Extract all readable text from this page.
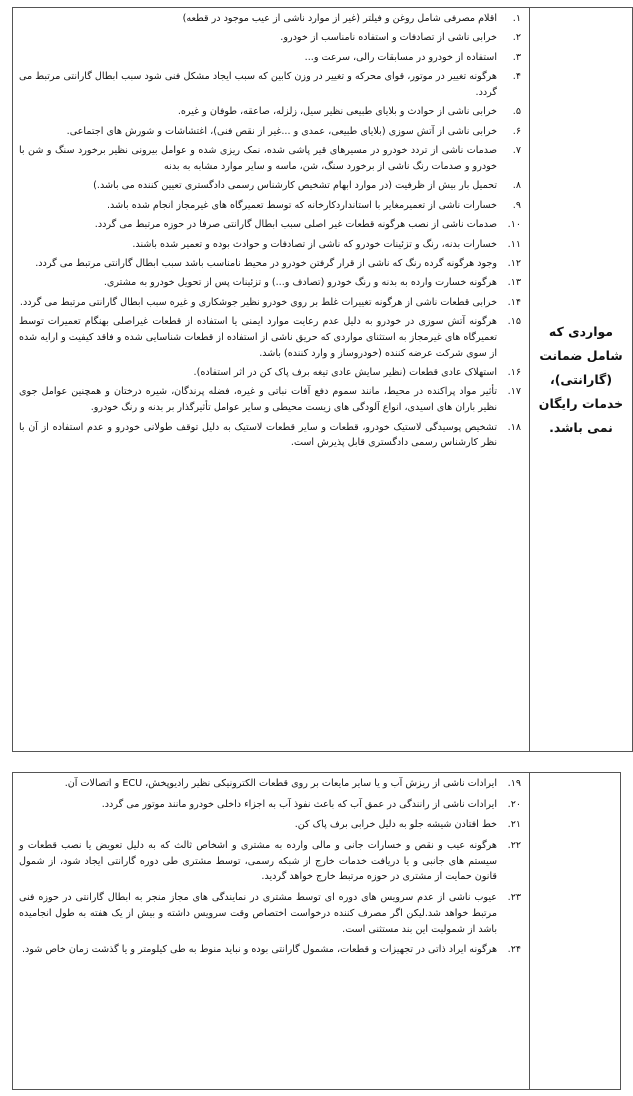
مواردی که شامل ضمانت (گارانتی)، خدمات رایگان نمی باشد.	
۱.
اقلام مصرفی شامل روغن و فیلتر (غیر از موارد ناشی از عیب موجود در قطعه)
۲.
خرابی ناشی از تصادفات و استفاده نامناسب از خودرو.
۳.
استفاده از خودرو در مسابقات رالی، سرعت و...
۴.
هرگونه تغییر در موتور، قوای محرکه و تغییر در وزن کابین که سبب ایجاد مشکل فنی شود سبب ابطال گارانتی مرتبط می گردد.
۵.
خرابی ناشی از حوادث و بلایای طبیعی نظیر سیل، زلزله، صاعقه، طوفان و غیره.
۶.
خرابی ناشی از آتش سوزی (بلایای طبیعی، عمدی و ...غیر از نقص فنی)، اغتشاشات و شورش های اجتماعی.
۷.
صدمات ناشی از تردد خودرو در مسیرهای قیر پاشی شده، نمک ریزی شده و عوامل بیرونی نظیر برخورد سنگ و شن با خودرو و صدمات رنگ ناشی از برخورد سنگ، شن، ماسه و سایر موارد مشابه به بدنه
۸.
تحمیل بار بیش از ظرفیت (در موارد ابهام تشخیص کارشناس رسمی دادگستری تعیین کننده می باشد.)
۹.
خسارات ناشی از تعمیرمغایر با استانداردکارخانه که توسط تعمیرگاه های غیرمجاز انجام شده باشد.
۱۰.
صدمات ناشی از نصب هرگونه قطعات غیر اصلی سبب ابطال گارانتی صرفا در حوزه مرتبط می گردد.
۱۱.
خسارات بدنه، رنگ و تزئینات خودرو که ناشی از تصادفات و حوادث بوده و تعمیر شده باشند.
۱۲.
وجود هرگونه گرده رنگ که ناشی از قرار گرفتن خودرو در محیط نامناسب باشد سبب ابطال گارانتی مرتبط می گردد.
۱۳.
هرگونه خسارت وارده به بدنه و رنگ خودرو (تصادف و...) و تزئینات پس از تحویل خودرو به مشتری.
۱۴.
خرابی قطعات ناشی از هرگونه تغییرات غلط بر روی خودرو نظیر جوشکاری و غیره سبب ابطال گارانتی مرتبط می گردد.
۱۵.
هرگونه آتش سوزی در خودرو به دلیل عدم رعایت موارد ایمنی یا استفاده از قطعات غیراصلی بهنگام تعمیرات توسط تعمیرگاه های غیرمجاز به استثنای مواردی که حریق ناشی از استفاده از قطعات شناسایی شده و فاقد کیفیت و ارایه شده از سوی شرکت عرضه کننده (خودروساز و وارد کننده) باشد.
۱۶.
استهلاک عادی قطعات (نظیر سایش عادی تیغه برف پاک کن در اثر استفاده).
۱۷.
تأثیر مواد پراکنده در محیط، مانند سموم دفع آفات نباتی و غیره، فضله پرندگان، شیره درختان و همچنین عوامل جوی نظیر باران های اسیدی، انواع آلودگی های زیست محیطی و سایر عوامل تأثیرگذار بر بدنه و رنگ خودرو.
۱۸.
تشخیص پوسیدگی لاستیک خودرو، قطعات و سایر قطعات لاستیک به دلیل توقف طولانی خودرو و عدم استفاده از آن با نظر کارشناس رسمی دادگستری قابل پذیرش است.

۱۹.
ایرادات ناشی از ریزش آب و یا سایر مایعات بر روی قطعات الکترونیکی نظیر رادیوپخش، ECU و اتصالات آن.
۲۰.
ایرادات ناشی از رانندگی در عمق آب که باعث نفوذ آب به اجزاء داخلی خودرو مانند موتور می گردد.
۲۱.
خط افتادن شیشه جلو به دلیل خرابی برف پاک کن.
۲۲.
هرگونه عیب و نقص و خسارات جانی و مالی وارده به مشتری و اشخاص ثالث که به دلیل تعویض یا نصب قطعات و سیستم های جانبی و یا دریافت خدمات خارج از شبکه رسمی، توسط مشتری طی دوره گارانتی ایجاد شود، از شمول قانون حمایت از مشتری در حوزه مرتبط خارج خواهد گردید.
۲۳.
عیوب ناشی از عدم سرویس های دوره ای توسط مشتری در نمایندگی های مجاز منجر به ابطال گارانتی در حوزه فنی مرتبط خواهد شد.لیکن اگر مصرف کننده درخواست اختصاص وقت سرویس داشته و بیش از یک هفته به طول انجامیده باشد از شمولیت این بند مستثنی است.
۲۴.
هرگونه ایراد ذاتی در تجهیزات و قطعات، مشمول گارانتی بوده و نباید منوط به طی کیلومتر و یا گذشت زمان خاص شود.
